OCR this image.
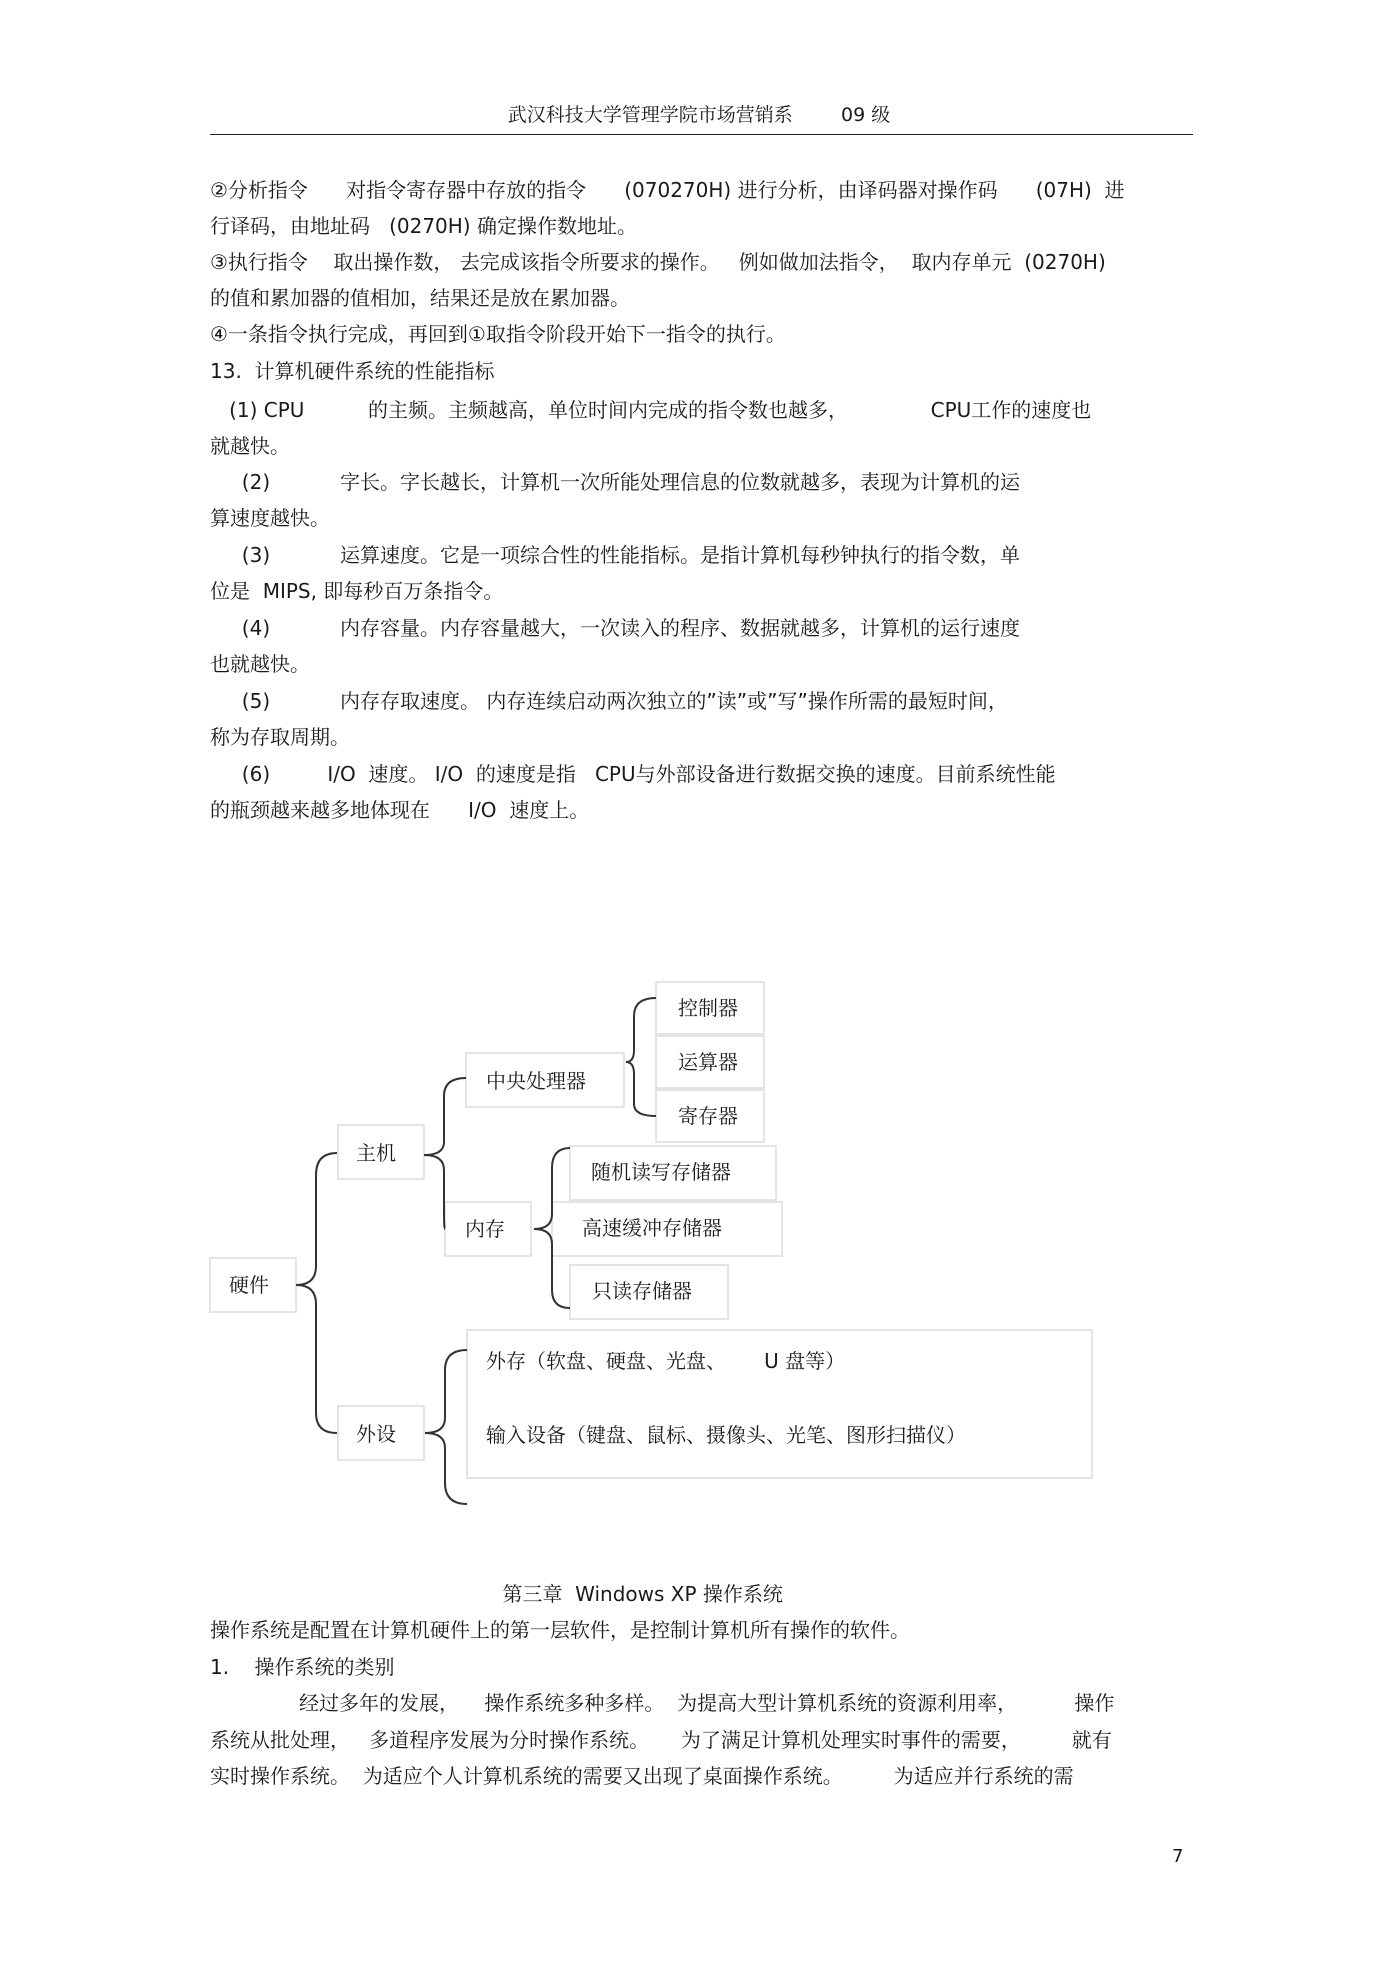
武汉科技大学管理学院市场营销系        09 级
②分析指令      对指令寄存器中存放的指令      (070270H) 进行分析，由译码器对操作码      (07H)  进
行译码，由地址码   (0270H) 确定操作数地址。
③执行指令    取出操作数， 去完成该指令所要求的操作。   例如做加法指令，  取内存单元  (0270H)
的值和累加器的值相加，结果还是放在累加器。
④一条指令执行完成，再回到①取指令阶段开始下一指令的执行。
13.  计算机硬件系统的性能指标
(1) CPU          的主频。主频越高，单位时间内完成的指令数也越多，             CPU工作的速度也
就越快。
(2)           字长。字长越长，计算机一次所能处理信息的位数就越多，表现为计算机的运
算速度越快。
(3)           运算速度。它是一项综合性的性能指标。是指计算机每秒钟执行的指令数，单
位是  MIPS, 即每秒百万条指令。
(4)           内存容量。内存容量越大，一次读入的程序、数据就越多，计算机的运行速度
也就越快。
(5)           内存存取速度。 内存连续启动两次独立的”读”或”写”操作所需的最短时间，
称为存取周期。
(6)         I/O  速度。 I/O  的速度是指   CPU与外部设备进行数据交换的速度。目前系统性能
的瓶颈越来越多地体现在      I/O  速度上。
硬件
主机
中央处理器
控制器
运算器
寄存器
内存
随机读写存储器
高速缓冲存储器
只读存储器
外设
外存（软盘、硬盘、光盘、      U 盘等）
输入设备（键盘、鼠标、摄像头、光笔、图形扫描仪）
第三章  Windows XP 操作系统
操作系统是配置在计算机硬件上的第一层软件，是控制计算机所有操作的软件。
1.    操作系统的类别
经过多年的发展，    操作系统多种多样。  为提高大型计算机系统的资源利用率，         操作
系统从批处理，   多道程序发展为分时操作系统。     为了满足计算机处理实时事件的需要，        就有
实时操作系统。  为适应个人计算机系统的需要又出现了桌面操作系统。        为适应并行系统的需
7
